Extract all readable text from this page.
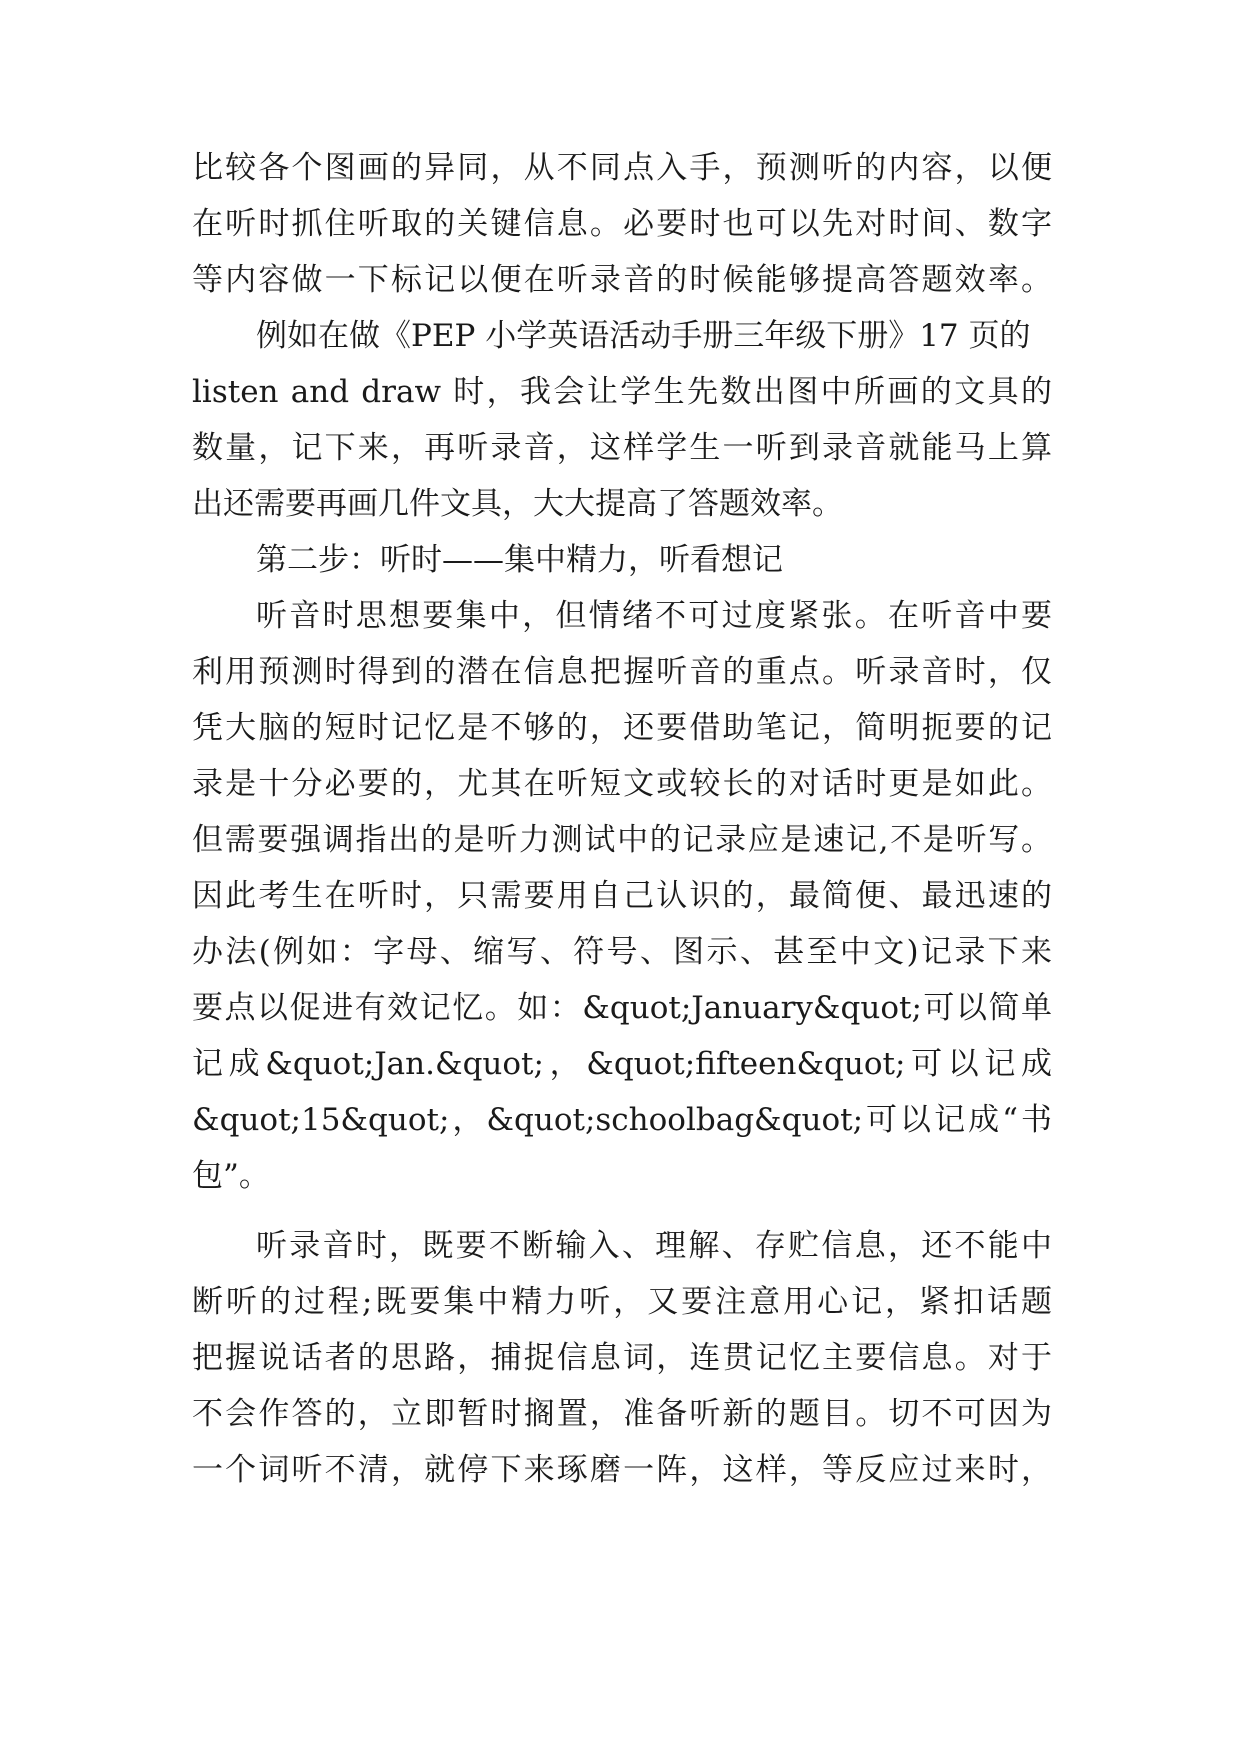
比较各个图画的异同，从不同点入手，预测听的内容，以便
在听时抓住听取的关键信息。必要时也可以先对时间、数字
等内容做一下标记以便在听录音的时候能够提高答题效率。
例如在做《PEP 小学英语活动手册三年级下册》17 页的
listen and draw 时，我会让学生先数出图中所画的文具的
数量，记下来，再听录音，这样学生一听到录音就能马上算
出还需要再画几件文具，大大提高了答题效率。
第二步：听时——集中精力，听看想记
听音时思想要集中，但情绪不可过度紧张。在听音中要
利用预测时得到的潜在信息把握听音的重点。听录音时，仅
凭大脑的短时记忆是不够的，还要借助笔记，简明扼要的记
录是十分必要的，尤其在听短文或较长的对话时更是如此。
但需要强调指出的是听力测试中的记录应是速记,不是听写。
因此考生在听时，只需要用自己认识的，最简便、最迅速的
办法(例如：字母、缩写、符号、图示、甚至中文)记录下来
要点以促进有效记忆。如：&quot;January&quot;可以简单
记成&quot;Jan.&quot;，&quot;fifteen&quot;可以记成
&quot;15&quot;，&quot;schoolbag&quot;可以记成“书
包”。
听录音时，既要不断输入、理解、存贮信息，还不能中
断听的过程;既要集中精力听，又要注意用心记，紧扣话题
把握说话者的思路，捕捉信息词，连贯记忆主要信息。对于
不会作答的，立即暂时搁置，准备听新的题目。切不可因为
一个词听不清，就停下来琢磨一阵，这样，等反应过来时，
